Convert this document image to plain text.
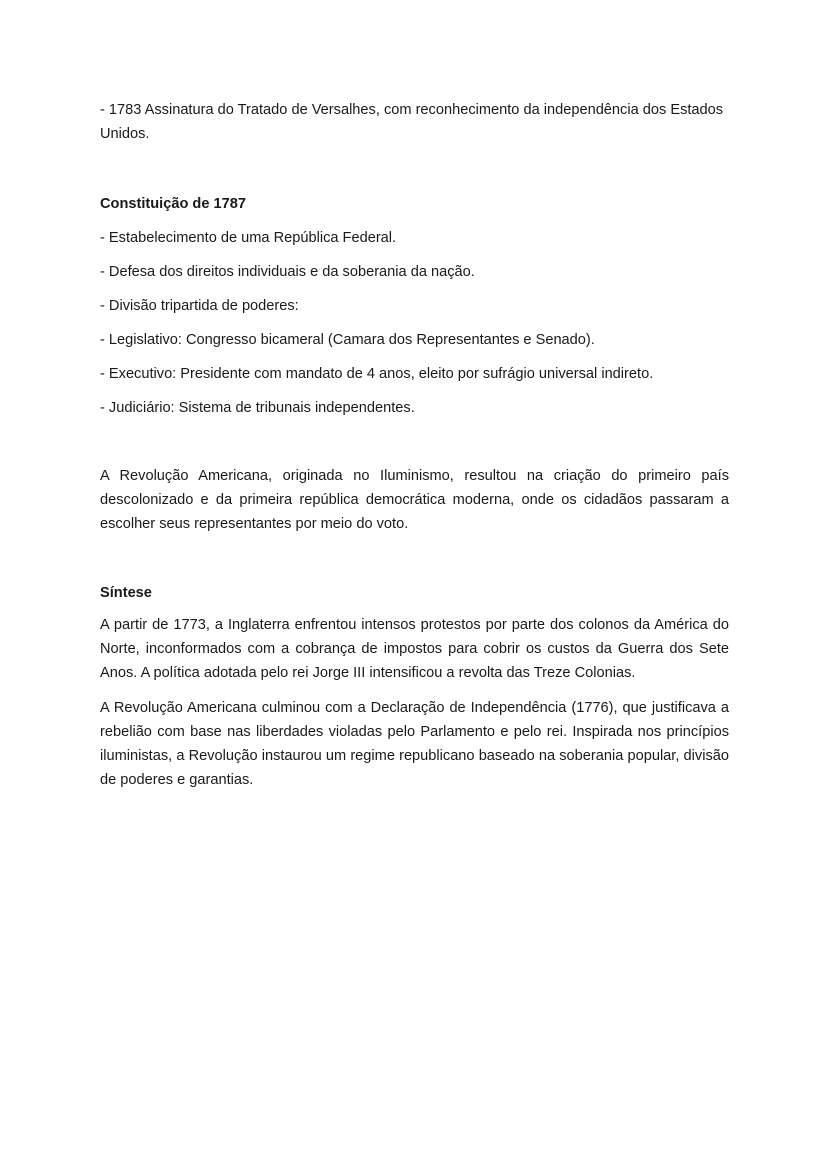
- 1783 Assinatura do Tratado de Versalhes, com reconhecimento da independência dos Estados Unidos.

Constituição de 1787

- Estabelecimento de uma República Federal.

- Defesa dos direitos individuais e da soberania da nação.

- Divisão tripartida de poderes:

- Legislativo: Congresso bicameral (Camara dos Representantes e Senado).

- Executivo: Presidente com mandato de 4 anos, eleito por sufrágio universal indireto.

- Judiciário: Sistema de tribunais independentes.

A Revolução Americana, originada no Iluminismo, resultou na criação do primeiro país descolonizado e da primeira república democrática moderna, onde os cidadãos passaram a escolher seus representantes por meio do voto.

Síntese

A partir de 1773, a Inglaterra enfrentou intensos protestos por parte dos colonos da América do Norte, inconformados com a cobrança de impostos para cobrir os custos da Guerra dos Sete Anos. A política adotada pelo rei Jorge III intensificou a revolta das Treze Colonias.

A Revolução Americana culminou com a Declaração de Independência (1776), que justificava a rebelião com base nas liberdades violadas pelo Parlamento e pelo rei. Inspirada nos princípios iluministas, a Revolução instaurou um regime republicano baseado na soberania popular, divisão de poderes e garantias.
